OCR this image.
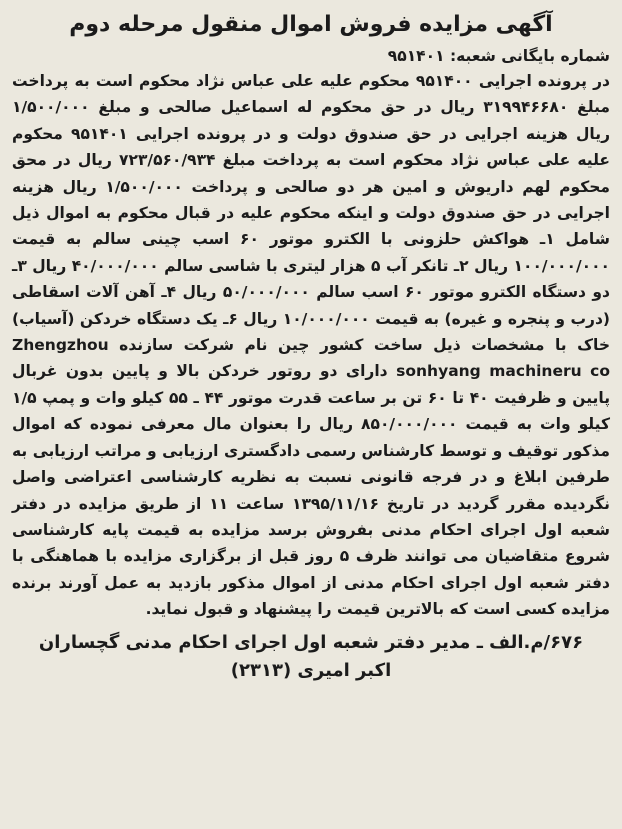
آگهی مزایده فروش اموال منقول مرحله دوم
شماره بایگانی شعبه: ۹۵۱۴۰۱

در پرونده اجرایی ۹۵۱۴۰۰ محکوم علیه علی عباس نژاد محکوم است به پرداخت مبلغ ۳۱۹۹۴۶۶۸۰ ریال در حق محکوم له اسماعیل صالحی و مبلغ ۱/۵۰۰/۰۰۰ ریال هزینه اجرایی در حق صندوق دولت و در پرونده اجرایی ۹۵۱۴۰۱ محکوم علیه علی عباس نژاد محکوم است به پرداخت مبلغ ۷۲۳/۵۶۰/۹۳۴ ریال در محق محکوم لهم داریوش و امین هر دو صالحی و پرداخت ۱/۵۰۰/۰۰۰ ریال هزینه اجرایی در حق صندوق دولت و اینکه محکوم علیه در قبال محکوم به اموال ذیل شامل ۱ـ هواکش حلزونی با الکترو موتور ۶۰ اسب چینی سالم به قیمت ۱۰۰/۰۰۰/۰۰۰ ریال ۲ـ تانکر آب ۵ هزار لیتری با شاسی سالم ۴۰/۰۰۰/۰۰۰ ریال ۳ـ دو دستگاه الکترو موتور ۶۰ اسب سالم ۵۰/۰۰۰/۰۰۰ ریال ۴ـ آهن آلات اسقاطی (درب و پنجره و غیره) به قیمت ۱۰/۰۰۰/۰۰۰ ریال ۶ـ یک دستگاه خردکن (آسیاب) خاک با مشخصات ذیل ساخت کشور چین نام شرکت سازنده Zhengzhou sonhyang machineru co دارای دو روتور خردکن بالا و پایین بدون غربال پایین و ظرفیت ۴۰ تا ۶۰ تن بر ساعت قدرت موتور ۴۴ ـ ۵۵ کیلو وات و پمپ ۱/۵ کیلو وات به قیمت ۸۵۰/۰۰۰/۰۰۰ ریال را بعنوان مال معرفی نموده که اموال مذکور توقیف و توسط کارشناس رسمی دادگستری ارزیابی و مراتب ارزیابی به طرفین ابلاغ و در فرجه قانونی نسبت به نظریه کارشناسی اعتراضی واصل نگردیده مقرر گردید در تاریخ ۱۳۹۵/۱۱/۱۶ ساعت ۱۱ از طریق مزایده در دفتر شعبه اول اجرای احکام مدنی بفروش برسد مزایده به قیمت پایه کارشناسی شروع متقاضیان می توانند ظرف ۵ روز قبل از برگزاری مزایده با هماهنگی با دفتر شعبه اول اجرای احکام مدنی از اموال مذکور بازدید به عمل آورند برنده مزایده کسی است که بالاترین قیمت را پیشنهاد و قبول نماید.

۶۷۶/م.الف ـ مدیر دفتر شعبه اول اجرای احکام مدنی گچساران
اکبر امیری (۲۳۱۳)
